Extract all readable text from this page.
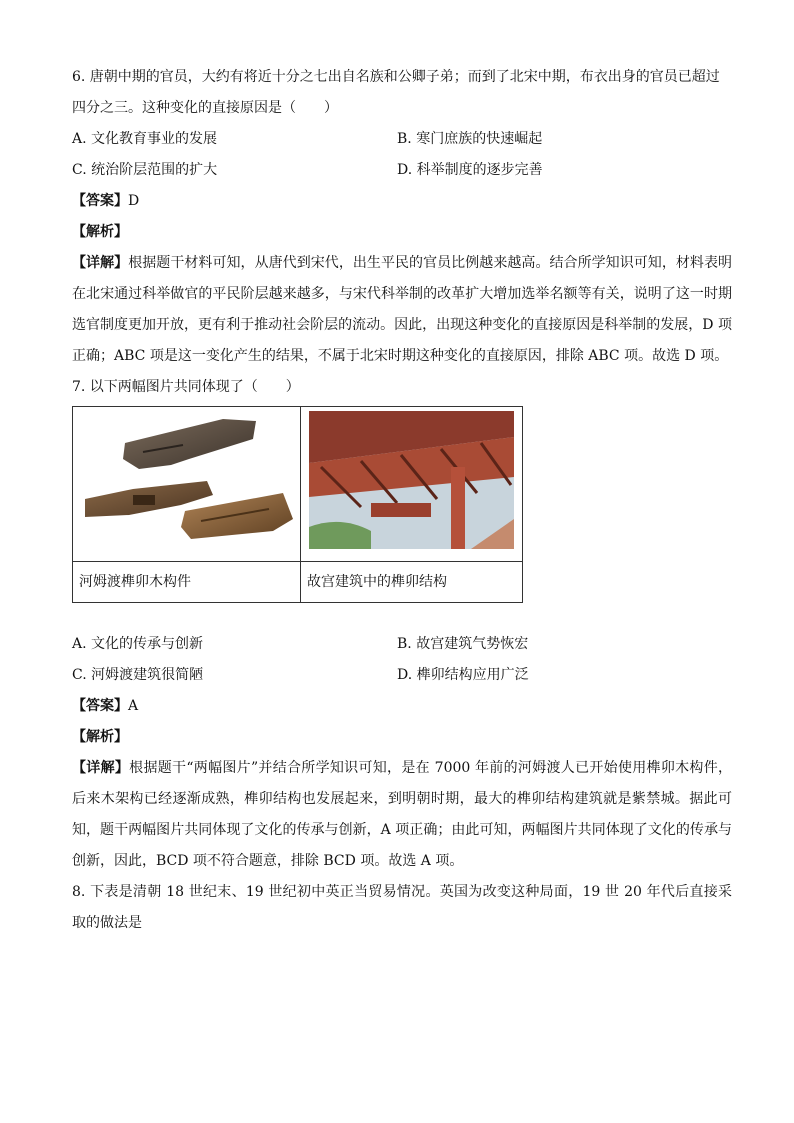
6. 唐朝中期的官员，大约有将近十分之七出自名族和公卿子弟；而到了北宋中期，布衣出身的官员已超过
四分之三。这种变化的直接原因是（　　）
A. 文化教育事业的发展	B. 寒门庶族的快速崛起
C. 统治阶层范围的扩大	D. 科举制度的逐步完善
【答案】D
【解析】
【详解】根据题干材料可知，从唐代到宋代，出生平民的官员比例越来越高。结合所学知识可知，材料表明在北宋通过科举做官的平民阶层越来越多，与宋代科举制的改革扩大增加选举名额等有关，说明了这一时期选官制度更加开放，更有利于推动社会阶层的流动。因此，出现这种变化的直接原因是科举制的发展，D 项正确；ABC 项是这一变化产生的结果，不属于北宋时期这种变化的直接原因，排除 ABC 项。故选 D 项。
7. 以下两幅图片共同体现了（　　）

河姆渡榫卯木构件	故宫建筑中的榫卯结构
A. 文化的传承与创新	B. 故宫建筑气势恢宏
C. 河姆渡建筑很简陋	D. 榫卯结构应用广泛
【答案】A
【解析】
【详解】根据题干“两幅图片”并结合所学知识可知，是在 7000 年前的河姆渡人已开始使用榫卯木构件，后来木架构已经逐渐成熟，榫卯结构也发展起来，到明朝时期，最大的榫卯结构建筑就是紫禁城。据此可知，题干两幅图片共同体现了文化的传承与创新，A 项正确；由此可知，两幅图片共同体现了文化的传承与创新，因此，BCD 项不符合题意，排除 BCD 项。故选 A 项。
8. 下表是清朝 18 世纪末、19 世纪初中英正当贸易情况。英国为改变这种局面，19 世 20 年代后直接采取的做法是
